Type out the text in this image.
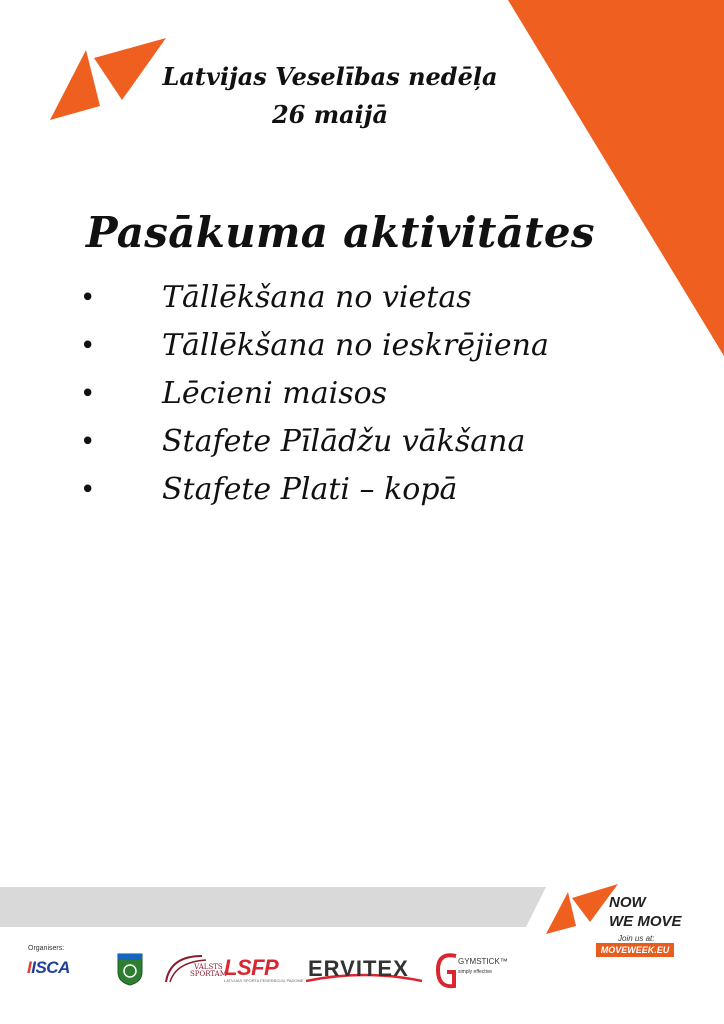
Latvijas Veselības nedēļa
26 maijā
Pasākuma aktivitātes
• Tāllēkšana no vietas
• Tāllēkšana no ieskrējiena
• Lēcieni maisos
• Stafete Pīlādžu vākšana
• Stafete Plati – kopā
Organisers:
IISCA	VALSTS
SPORTAM
LSFP
LATVIJAS SPORTA FEDERĀCIJU PADOME ERVITEX	GYMSTICK™
simply effective
NOW
WE MOVE
Join us at:
MOVEWEEK.EU
